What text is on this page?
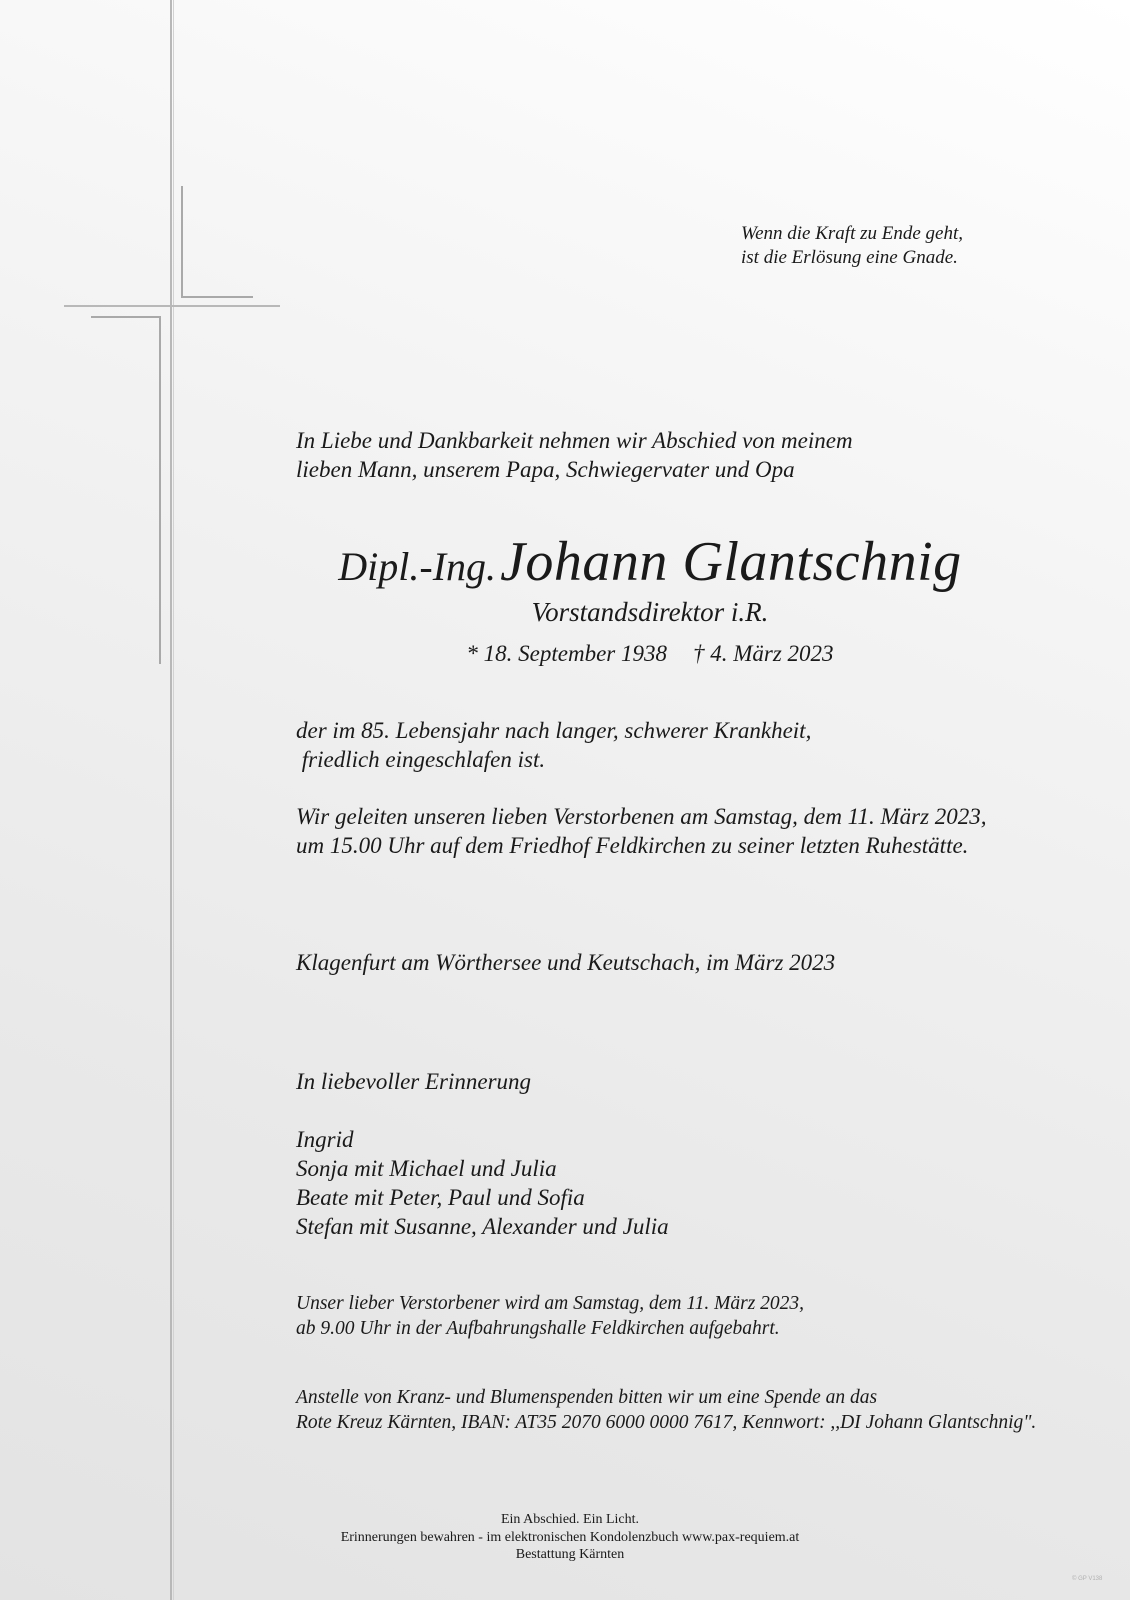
Wenn die Kraft zu Ende geht,
ist die Erlösung eine Gnade.
In Liebe und Dankbarkeit nehmen wir Abschied von meinem
lieben Mann, unserem Papa, Schwiegervater und Opa
Dipl.-Ing. Johann Glantschnig
Vorstandsdirektor i.R.
* 18. September 1938 † 4. März 2023
der im 85. Lebensjahr nach langer, schwerer Krankheit,
friedlich eingeschlafen ist.
Wir geleiten unseren lieben Verstorbenen am Samstag, dem 11. März 2023,
um 15.00 Uhr auf dem Friedhof Feldkirchen zu seiner letzten Ruhestätte.
Klagenfurt am Wörthersee und Keutschach, im März 2023
In liebevoller Erinnerung
Ingrid
Sonja mit Michael und Julia
Beate mit Peter, Paul und Sofia
Stefan mit Susanne, Alexander und Julia
Unser lieber Verstorbener wird am Samstag, dem 11. März 2023,
ab 9.00 Uhr in der Aufbahrungshalle Feldkirchen aufgebahrt.
Anstelle von Kranz- und Blumenspenden bitten wir um eine Spende an das
Rote Kreuz Kärnten, IBAN: AT35 2070 6000 0000 7617, Kennwort: ,,DI Johann Glantschnig".
Ein Abschied. Ein Licht.
Erinnerungen bewahren - im elektronischen Kondolenzbuch www.pax-requiem.at
Bestattung Kärnten
© GP V138
